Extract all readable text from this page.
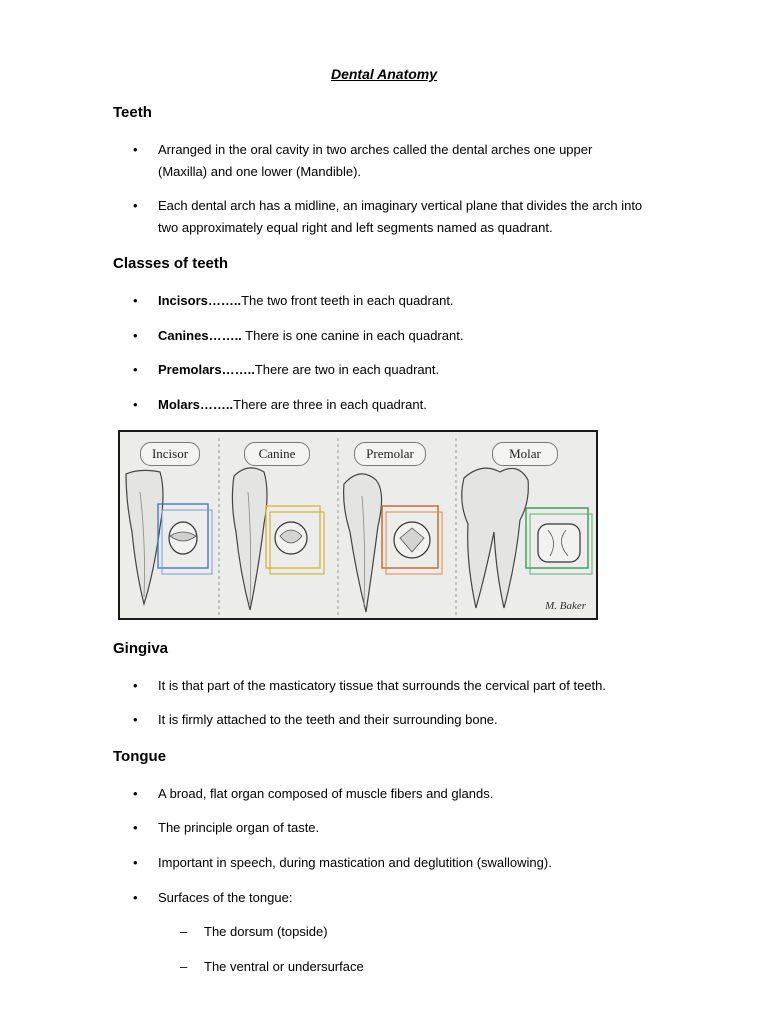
Dental Anatomy
Teeth
• Arranged in the oral cavity in two arches called the dental arches one upper
(Maxilla) and one lower (Mandible).
• Each dental arch has a midline, an imaginary vertical plane that divides the arch into
two approximately equal right and left segments named as quadrant.
Classes of teeth
• Incisors……..The two front teeth in each quadrant.
• Canines…….. There is one canine in each quadrant.
• Premolars……..There are two in each quadrant.
• Molars……..There are three in each quadrant.
Incisor	Canine	Premolar	Molar
M. Baker
Gingiva
• It is that part of the masticatory tissue that surrounds the cervical part of teeth.
• It is firmly attached to the teeth and their surrounding bone.
Tongue
• A broad, flat organ composed of muscle fibers and glands.
• The principle organ of taste.
• Important in speech, during mastication and deglutition (swallowing).
• Surfaces of the tongue:
– The dorsum (topside)
– The ventral or undersurface
